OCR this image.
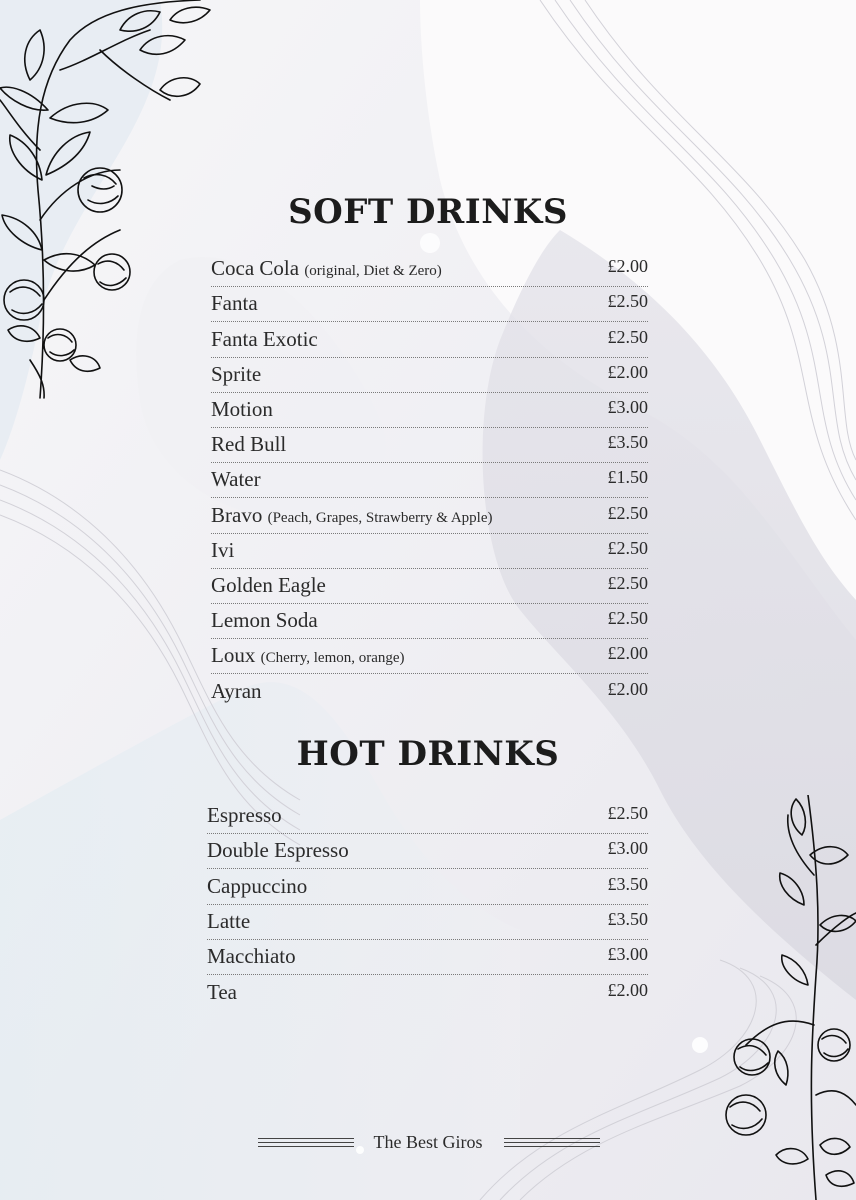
SOFT DRINKS
Coca Cola (original, Diet & Zero)	£2.00
Fanta	£2.50
Fanta Exotic	£2.50
Sprite	£2.00
Motion	£3.00
Red Bull	£3.50
Water	£1.50
Bravo (Peach, Grapes, Strawberry & Apple)	£2.50
Ivi	£2.50
Golden Eagle	£2.50
Lemon Soda	£2.50
Loux (Cherry, lemon, orange)	£2.00
Ayran	£2.00
HOT DRINKS
Espresso	£2.50
Double Espresso	£3.00
Cappuccino	£3.50
Latte	£3.50
Macchiato	£3.00
Tea	£2.00
The Best Giros
